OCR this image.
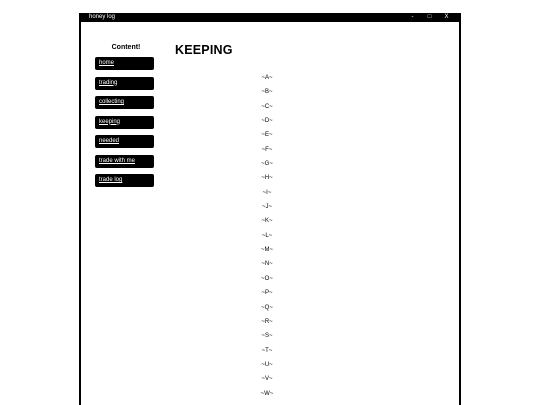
honey log	-	□	X
Content!
home
trading
collecting
keeping
needed
trade with me
trade log
KEEPING
~A~
~B~
~C~
~D~
~E~
~F~
~G~
~H~
~I~
~J~
~K~
~L~
~M~
~N~
~O~
~P~
~Q~
~R~
~S~
~T~
~U~
~V~
~W~
